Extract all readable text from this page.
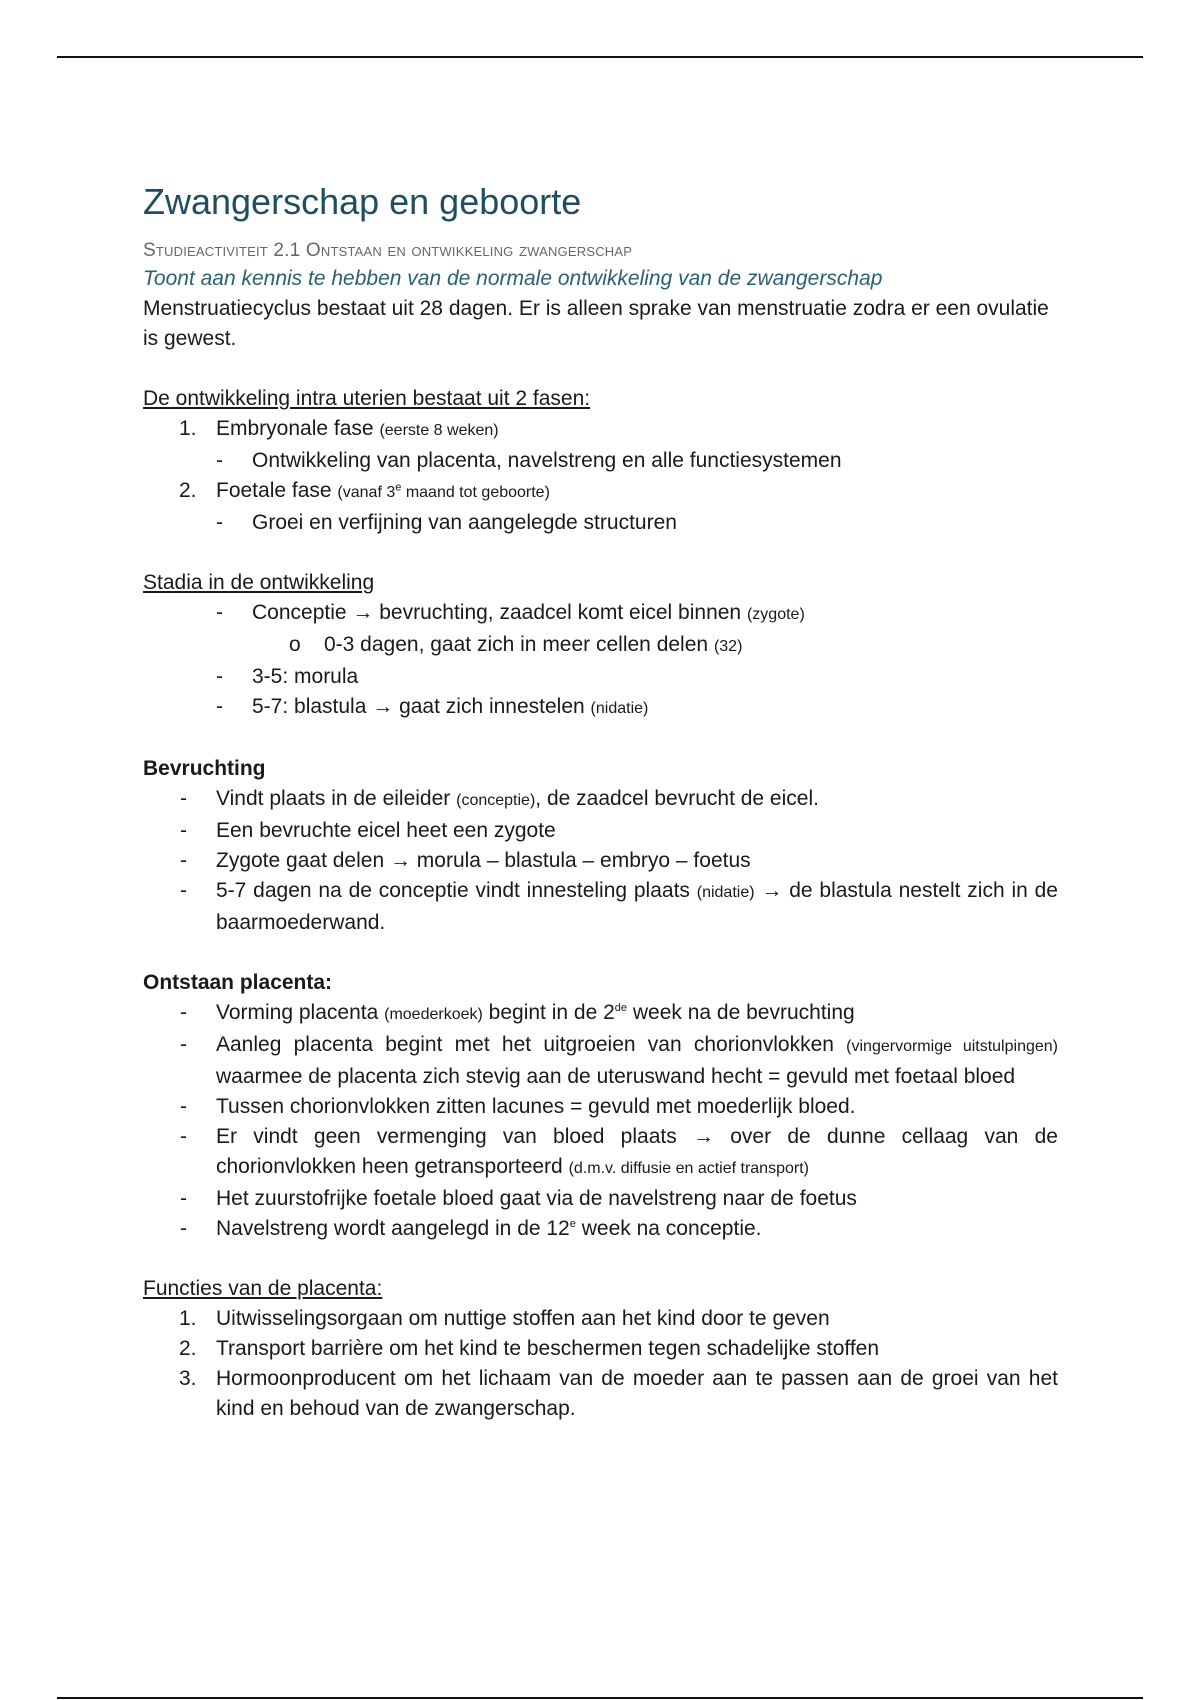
Zwangerschap en geboorte

Studieactiviteit 2.1 Ontstaan en ontwikkeling zwangerschap

Toont aan kennis te hebben van de normale ontwikkeling van de zwangerschap

Menstruatiecyclus bestaat uit 28 dagen. Er is alleen sprake van menstruatie zodra er een ovulatie is gewest.

De ontwikkeling intra uterien bestaat uit 2 fasen:

1. Embryonale fase (eerste 8 weken)
- Ontwikkeling van placenta, navelstreng en alle functiesystemen
2. Foetale fase (vanaf 3e maand tot geboorte)
- Groei en verfijning van aangelegde structuren

Stadia in de ontwikkeling

- Conceptie → bevruchting, zaadcel komt eicel binnen (zygote)
o 0-3 dagen, gaat zich in meer cellen delen (32)
- 3-5: morula
- 5-7: blastula → gaat zich innestelen (nidatie)

Bevruchting

- Vindt plaats in de eileider (conceptie), de zaadcel bevrucht de eicel.
- Een bevruchte eicel heet een zygote
- Zygote gaat delen → morula – blastula – embryo – foetus
- 5-7 dagen na de conceptie vindt innesteling plaats (nidatie) → de blastula nestelt zich in de baarmoederwand.

Ontstaan placenta:

- Vorming placenta (moederkoek) begint in de 2de week na de bevruchting
- Aanleg placenta begint met het uitgroeien van chorionvlokken (vingervormige uitstulpingen) waarmee de placenta zich stevig aan de uteruswand hecht = gevuld met foetaal bloed
- Tussen chorionvlokken zitten lacunes = gevuld met moederlijk bloed.
- Er vindt geen vermenging van bloed plaats → over de dunne cellaag van de chorionvlokken heen getransporteerd (d.m.v. diffusie en actief transport)
- Het zuurstofrijke foetale bloed gaat via de navelstreng naar de foetus
- Navelstreng wordt aangelegd in de 12e week na conceptie.

Functies van de placenta:

1. Uitwisselingsorgaan om nuttige stoffen aan het kind door te geven
2. Transport barrière om het kind te beschermen tegen schadelijke stoffen
3. Hormoonproducent om het lichaam van de moeder aan te passen aan de groei van het kind en behoud van de zwangerschap.
